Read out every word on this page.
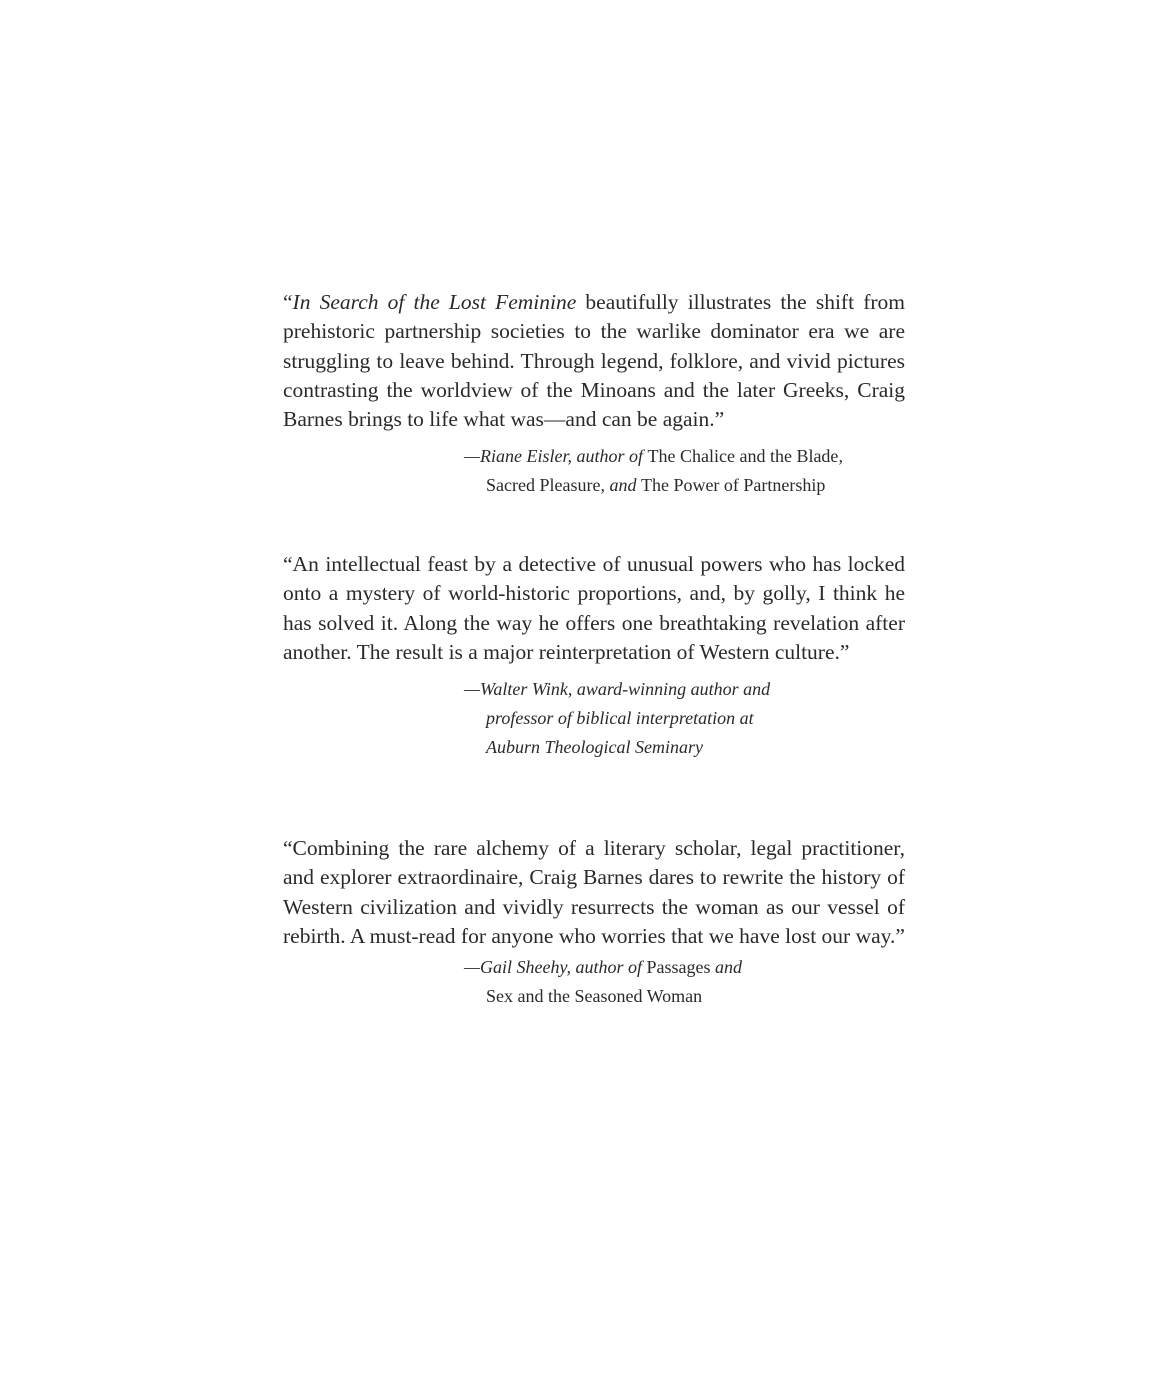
“In Search of the Lost Feminine beautifully illustrates the shift from prehistoric partnership societies to the warlike dominator era we are struggling to leave behind. Through legend, folklore, and vivid pictures contrasting the worldview of the Minoans and the later Greeks, Craig Barnes brings to life what was—and can be again.”

—Riane Eisler, author of The Chalice and the Blade,
Sacred Pleasure, and The Power of Partnership

“An intellectual feast by a detective of unusual powers who has locked onto a mystery of world-historic proportions, and, by golly, I think he has solved it. Along the way he offers one breathtaking revelation after another. The result is a major reinterpretation of Western culture.”

—Walter Wink, award-winning author and
professor of biblical interpretation at
Auburn Theological Seminary

“Combining the rare alchemy of a literary scholar, legal practitioner, and explorer extraordinaire, Craig Barnes dares to rewrite the history of Western civilization and vividly resurrects the woman as our vessel of rebirth. A must-read for anyone who worries that we have lost our way.”

—Gail Sheehy, author of Passages and
Sex and the Seasoned Woman
